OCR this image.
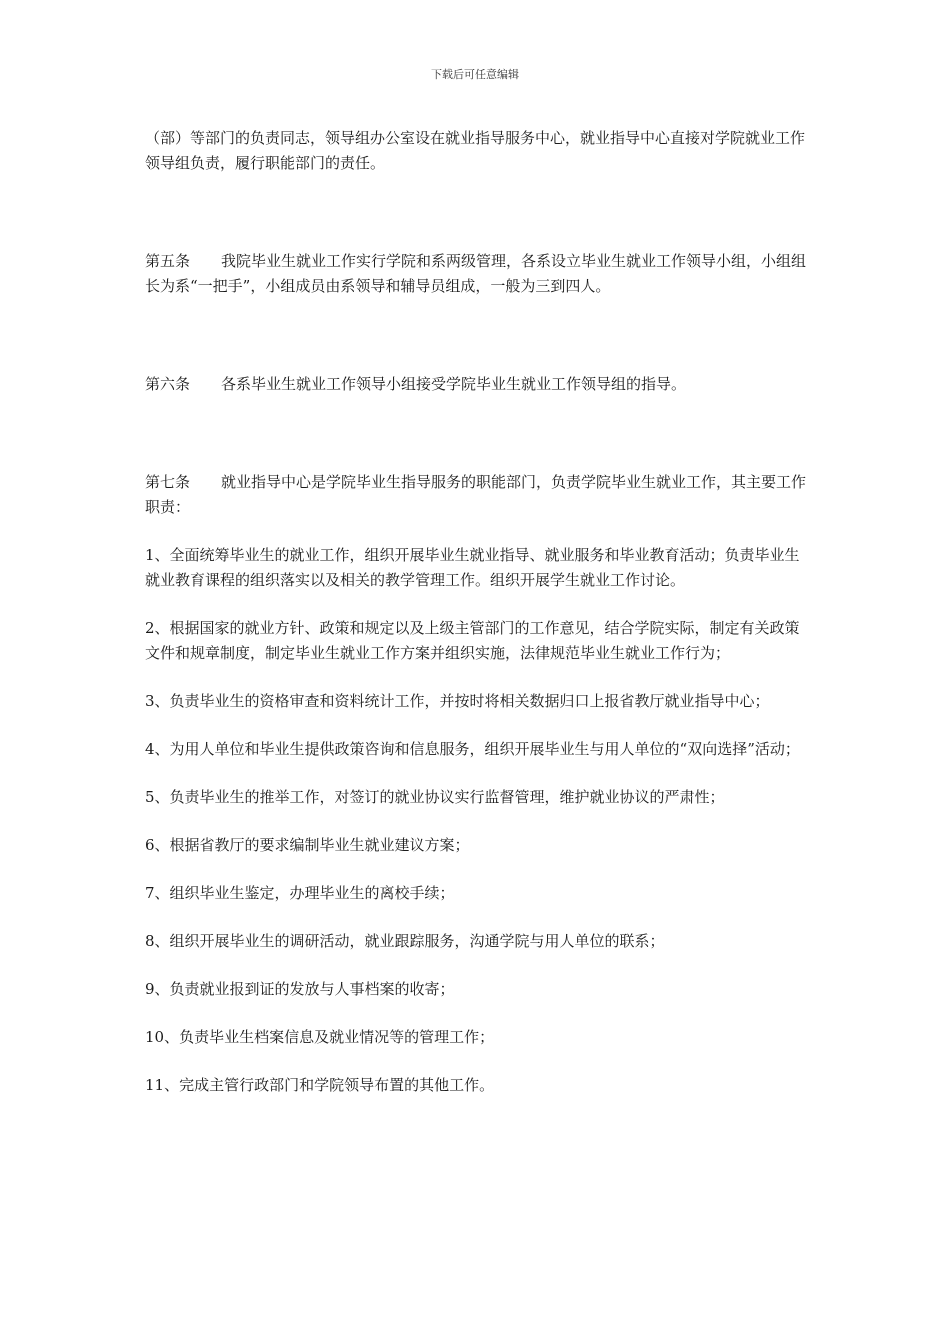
下载后可任意编辑

（部）等部门的负责同志，领导组办公室设在就业指导服务中心，就业指导中心直接对学院就业工作领导组负责，履行职能部门的责任。

第五条 我院毕业生就业工作实行学院和系两级管理，各系设立毕业生就业工作领导小组，小组组长为系“一把手”，小组成员由系领导和辅导员组成，一般为三到四人。

第六条 各系毕业生就业工作领导小组接受学院毕业生就业工作领导组的指导。

第七条 就业指导中心是学院毕业生指导服务的职能部门，负责学院毕业生就业工作，其主要工作职责：

1、全面统筹毕业生的就业工作，组织开展毕业生就业指导、就业服务和毕业教育活动；负责毕业生就业教育课程的组织落实以及相关的教学管理工作。组织开展学生就业工作讨论。

2、根据国家的就业方针、政策和规定以及上级主管部门的工作意见，结合学院实际，制定有关政策文件和规章制度，制定毕业生就业工作方案并组织实施，法律规范毕业生就业工作行为；

3、负责毕业生的资格审查和资料统计工作，并按时将相关数据归口上报省教厅就业指导中心；

4、为用人单位和毕业生提供政策咨询和信息服务，组织开展毕业生与用人单位的“双向选择”活动；

5、负责毕业生的推举工作，对签订的就业协议实行监督管理，维护就业协议的严肃性；

6、根据省教厅的要求编制毕业生就业建议方案；

7、组织毕业生鉴定，办理毕业生的离校手续；

8、组织开展毕业生的调研活动，就业跟踪服务，沟通学院与用人单位的联系；

9、负责就业报到证的发放与人事档案的收寄；

10、负责毕业生档案信息及就业情况等的管理工作；

11、完成主管行政部门和学院领导布置的其他工作。
